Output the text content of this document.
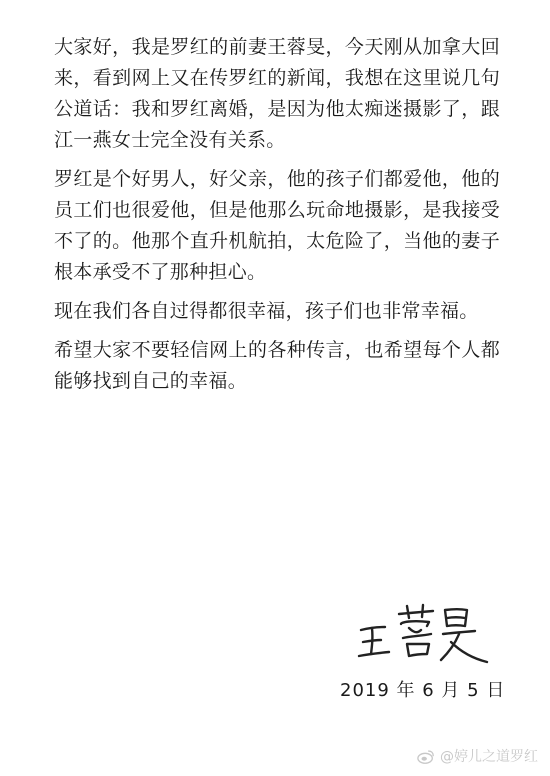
大家好，我是罗红的前妻王蓉旻，今天刚从加拿大回来，看到网上又在传罗红的新闻，我想在这里说几句公道话：我和罗红离婚，是因为他太痴迷摄影了，跟江一燕女士完全没有关系。

罗红是个好男人，好父亲，他的孩子们都爱他，他的员工们也很爱他，但是他那么玩命地摄影，是我接受不了的。他那个直升机航拍，太危险了，当他的妻子根本承受不了那种担心。

现在我们各自过得都很幸福，孩子们也非常幸福。

希望大家不要轻信网上的各种传言，也希望每个人都能够找到自己的幸福。

2019 年 6 月 5 日
@婷儿之道罗红
